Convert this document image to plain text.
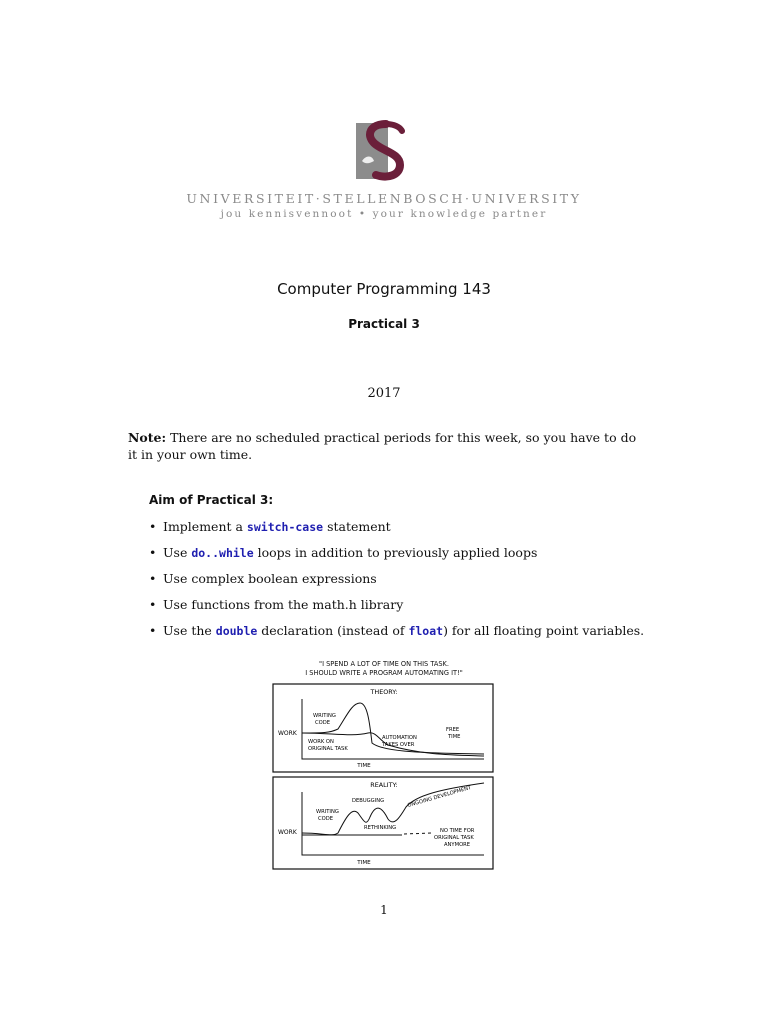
S
UNIVERSITEIT·STELLENBOSCH·UNIVERSITY
jou kennisvennoot • your knowledge partner
Computer Programming 143
Practical 3
2017
Note: There are no scheduled practical periods for this week, so you have to do it in your own time.
Aim of Practical 3:
• Implement a switch-case statement
• Use do..while loops in addition to previously applied loops
• Use complex boolean expressions
• Use functions from the math.h library
• Use the double declaration (instead of float) for all floating point variables.
"I SPEND A LOT OF TIME ON THIS TASK.
I SHOULD WRITE A PROGRAM AUTOMATING IT!"
THEORY:
WORK
TIME
WRITING
CODE
WORK ON
ORIGINAL TASK
AUTOMATION
TAKES OVER
FREE
TIME
REALITY:
WORK
TIME
DEBUGGING
WRITING
CODE
RETHINKING
ONGOING DEVELOPMENT
NO TIME FOR
ORIGINAL TASK
ANYMORE
1
